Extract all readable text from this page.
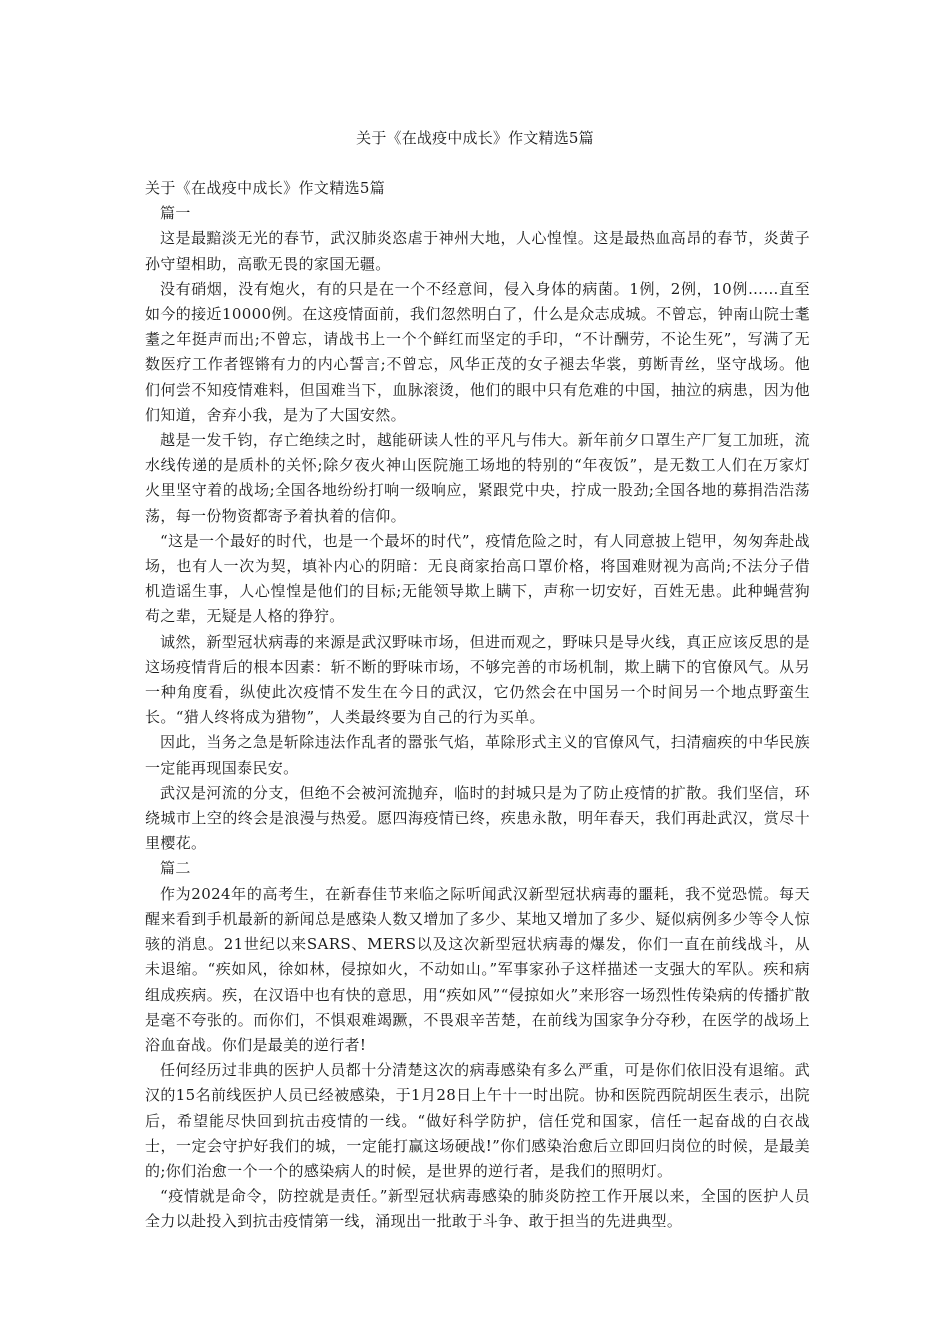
关于《在战疫中成长》作文精选5篇

关于《在战疫中成长》作文精选5篇

篇一

这是最黯淡无光的春节，武汉肺炎恣虐于神州大地，人心惶惶。这是最热血高昂的春节，炎黄子孙守望相助，高歌无畏的家国无疆。

没有硝烟，没有炮火，有的只是在一个不经意间，侵入身体的病菌。1例，2例，10例……直至如今的接近10000例。在这疫情面前，我们忽然明白了，什么是众志成城。不曾忘，钟南山院士耄耋之年挺声而出;不曾忘，请战书上一个个鲜红而坚定的手印，“不计酬劳，不论生死”，写满了无数医疗工作者铿锵有力的内心誓言;不曾忘，风华正茂的女子褪去华裳，剪断青丝，坚守战场。他们何尝不知疫情难料，但国难当下，血脉滚烫，他们的眼中只有危难的中国，抽泣的病患，因为他们知道，舍弃小我，是为了大国安然。

越是一发千钧，存亡绝续之时，越能研读人性的平凡与伟大。新年前夕口罩生产厂复工加班，流水线传递的是质朴的关怀;除夕夜火神山医院施工场地的特别的“年夜饭”，是无数工人们在万家灯火里坚守着的战场;全国各地纷纷打响一级响应，紧跟党中央，拧成一股劲;全国各地的募捐浩浩荡荡，每一份物资都寄予着执着的信仰。

“这是一个最好的时代，也是一个最坏的时代”，疫情危险之时，有人同意披上铠甲，匆匆奔赴战场，也有人一次为契，填补内心的阴暗：无良商家抬高口罩价格，将国难财视为高尚;不法分子借机造谣生事，人心惶惶是他们的目标;无能领导欺上瞒下，声称一切安好，百姓无患。此种蝇营狗苟之辈，无疑是人格的狰狞。

诚然，新型冠状病毒的来源是武汉野味市场，但进而观之，野味只是导火线，真正应该反思的是这场疫情背后的根本因素：斩不断的野味市场，不够完善的市场机制，欺上瞒下的官僚风气。从另一种角度看，纵使此次疫情不发生在今日的武汉，它仍然会在中国另一个时间另一个地点野蛮生长。“猎人终将成为猎物”，人类最终要为自己的行为买单。

因此，当务之急是斩除违法作乱者的嚣张气焰，革除形式主义的官僚风气，扫清痼疾的中华民族一定能再现国泰民安。

武汉是河流的分支，但绝不会被河流抛弃，临时的封城只是为了防止疫情的扩散。我们坚信，环绕城市上空的终会是浪漫与热爱。愿四海疫情已终，疾患永散，明年春天，我们再赴武汉，赏尽十里樱花。

篇二

作为2024年的高考生，在新春佳节来临之际听闻武汉新型冠状病毒的噩耗，我不觉恐慌。每天醒来看到手机最新的新闻总是感染人数又增加了多少、某地又增加了多少、疑似病例多少等令人惊骇的消息。21世纪以来SARS、MERS以及这次新型冠状病毒的爆发，你们一直在前线战斗，从未退缩。“疾如风，徐如林，侵掠如火，不动如山。”军事家孙子这样描述一支强大的军队。疾和病组成疾病。疾，在汉语中也有快的意思，用“疾如风”“侵掠如火”来形容一场烈性传染病的传播扩散是毫不夸张的。而你们，不惧艰难竭蹶，不畏艰辛苦楚，在前线为国家争分夺秒，在医学的战场上浴血奋战。你们是最美的逆行者!

任何经历过非典的医护人员都十分清楚这次的病毒感染有多么严重，可是你们依旧没有退缩。武汉的15名前线医护人员已经被感染，于1月28日上午十一时出院。协和医院西院胡医生表示，出院后，希望能尽快回到抗击疫情的一线。“做好科学防护，信任党和国家，信任一起奋战的白衣战士，一定会守护好我们的城，一定能打赢这场硬战!”你们感染治愈后立即回归岗位的时候，是最美的;你们治愈一个一个的感染病人的时候，是世界的逆行者，是我们的照明灯。

“疫情就是命令，防控就是责任。”新型冠状病毒感染的肺炎防控工作开展以来，全国的医护人员全力以赴投入到抗击疫情第一线，涌现出一批敢于斗争、敢于担当的先进典型。
